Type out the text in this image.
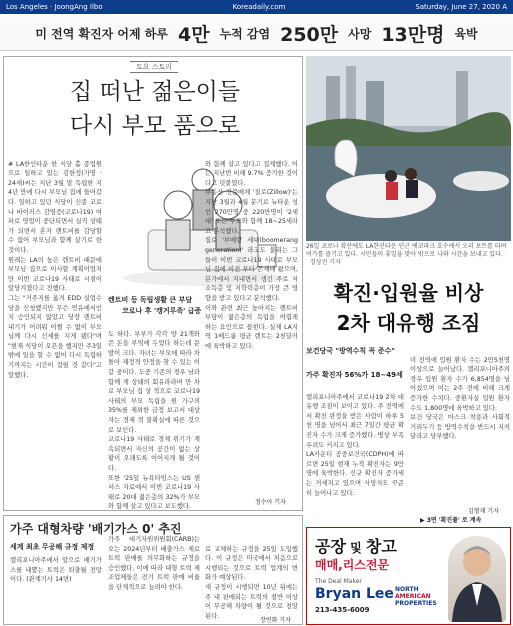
Los Angeles · JoongAng Ilbo	Koreadaily.com	Saturday, June 27, 2020 A
미 전역 확진자 어제 하루 4만 누적 감염 250만 사망 13만명 육박
토요 스토리
집 떠난 젊은이들
다시 부모 품으로

# LA한인타운 한 식당 홀 종업원으로 일하고 있는 김한정(가명 · 24세)씨는 지난 3월 말 독립한 지 4년 만에 다시 부모님 집에 들어갔다. 일하고 있던 식당이 신종 코로나 바이러스 감염증(코로나19) 여파로 영업이 중단되면서 실직 상태가 되면서 혼자 렌트비를 감당할 수 없어 부모님과 함께 살기로 한 것이다.
원래는 LA의 높은 렌트비 때문에 부모님 집으로 이사할 계획이었지만 이번 코로나19 사태로 시점이 앞당겨졌다고 전했다.
그는 "거주지를 옮겨 EDD 실업수당을 신청했지만 무슨 연유에서인지 승인되지 않았고 당장 렌트비 내기가 어려워 어쩔 수 없이 부모님께 다시 신세를 지게 됐다"며 "현재 식당이 오픈을 했지만 주3일밖에 일을 할 수 없어 다시 독립하기까지는 시간이 걸릴 것 같다"고 말했다.

렌트비 등 독립생활 큰 부담
코로나 후 '캥거루족' 급증

도 하다. 부부가 각각 양 21개와 쓴 돈을 부엌에 두었다 하는데 문 발이 크다. 자녀는 부모에 따라 차 돌아 재정적 안정을 찾 수 있는 이같 중이다. 도중 기존의 경우 남과 함께 계 상태의 회유라라며 만 차로 부모님 집 상 적으로 코로나19 사태의 부모 독립을 원 가구의 35%를 제외한 금정 보고서 대상자는 경제 적 불확실에 따른 것으로 보인다.
코로나19 사태로 경제 위기가 계속되면서 자신의 공간이 없는 상황이 오래도록 이어지게 될 것이다.
또한 '25일 뉴욕타임스는 US 센서스 자료에서 이번 코로나19 사태로 20대 젊은층의 32%가 부모와 함께 살고 있다고 보도했다.

와 함께 살고 있다고 집계했다. 이는 지난번 비해 9.7% 증가한 것이다고 덧붙였다.
부동산 전문매체 '질로(Zillow)'는 지난 3월과 4월 분기로 뉴타운 성인 270만명 중 220만명이 '2세대' 또는 부모와 함께 18~25세라고 분석했다.
질로 '부메랑 세대(boomerang generation)' 라고도 불리는 그들이 이번 코로나19 사태로 부모님 집에 이전 부터 존재해 왔으며, 본가에서 지내면서 생긴 주로 저소득층 및 저학력층이 가장 큰 영향을 받고 있다고 분석했다.
이와 관련 최근 높아지는 렌트비 부담이 젊은층의 독립을 어렵게 하는 요인으로 꼽힌다. 실제 LA지역 1베드룸 평균 렌트는 2천달러에 육박하고 있다.

정수아 기자
26일 코로나 확산에도 LA한인타운 인근 에코파크 호수에서 오리 보트를 타며 여가를 즐기고 있다. 시민들이 휴일을 맞아 밖으로 나와 시간을 보내고 있다. 김상진 기자
확진·입원율 비상
2차 대유행 조짐
보건당국 "방역수칙 꼭 준수"
가주 확진자 56%가 18~49세

캘리포니아주에서 코로나19 2차 대유행 조짐이 보이고 있다. 주 전역에서 확진 판정을 받은 사람이 하루 5천 명을 넘어서 최근 7일간 평균 확진자 수가 크게 증가했다. 병상 부족 우려도 커지고 있다.
LA카운티 공중보건국(CDPH)에 따르면 25일 현재 누적 확진자는 9만 명에 육박한다. 신규 확진자 증가세는 거세지고 있으며 사망자도 꾸준히 늘어나고 있다.

미 전역에 입원 환자 수는 2만5천명 이상으로 늘어났다. 캘리포니아주의 경우 입원 환자 수가 6,854명을 넘어섰으며 이는 2주 전에 비해 크게 증가한 수치다. 중환자실 입원 환자 수도 1,800명에 육박하고 있다.
보건 당국은 마스크 착용과 사회적 거리두기 등 방역수칙을 반드시 지켜달라고 당부했다.

김형재 기자
▶ 3면 '확진률' 로 계속
가주 대형차량 '배기가스 0' 추진
세계 최초 무공해 규정 제정
캘리포니아주에서 앞으로 배기가스를 내뿜는 트럭은 퇴출될 전망이다. (관계기사 14면)
가주 대기자원위원회(CARB)는 오는 2024년부터 배출가스 제로 트럭 판매를 의무화하는 규정을 승인했다. 이에 따라 대형 트럭 제조업체들은 전기 트럭 판매 비율을 단계적으로 늘려야 한다.

로 교체하는 규정을 25일 도입했다. 이 규정은 미국에서 처음으로 시행되는 것으로 트럭 업계의 변화가 예상된다.
새 규정이 시행되면 10년 뒤에는 주 내 판매되는 트럭의 절반 이상이 무공해 차량이 될 것으로 전망된다.

장연화 기자
공장 및 창고
매매,리스전문
The Deal Maker
Bryan Lee
213-435-6009
NORTH
AMERICAN
PROPERTIES
